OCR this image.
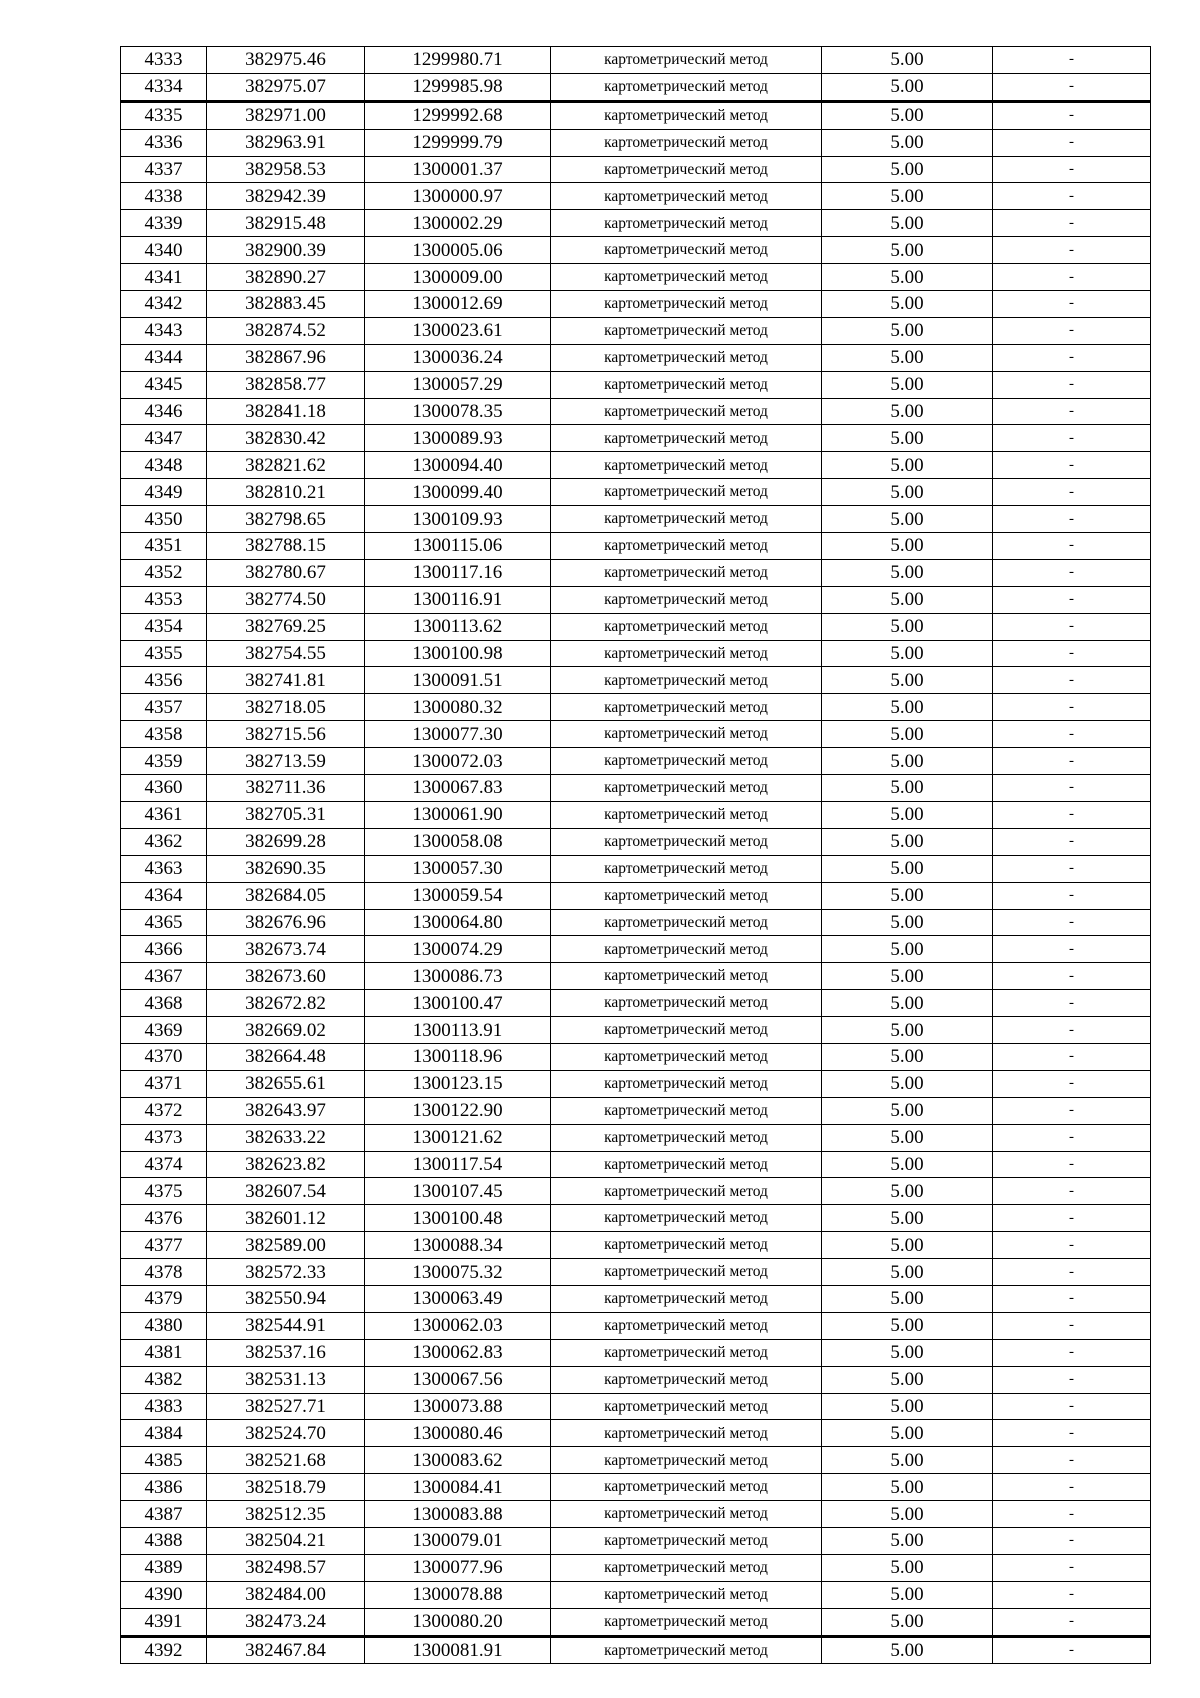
4333	382975.46	1299980.71	картометрический метод	5.00	-
4334	382975.07	1299985.98	картометрический метод	5.00	-
4335	382971.00	1299992.68	картометрический метод	5.00	-
4336	382963.91	1299999.79	картометрический метод	5.00	-
4337	382958.53	1300001.37	картометрический метод	5.00	-
4338	382942.39	1300000.97	картометрический метод	5.00	-
4339	382915.48	1300002.29	картометрический метод	5.00	-
4340	382900.39	1300005.06	картометрический метод	5.00	-
4341	382890.27	1300009.00	картометрический метод	5.00	-
4342	382883.45	1300012.69	картометрический метод	5.00	-
4343	382874.52	1300023.61	картометрический метод	5.00	-
4344	382867.96	1300036.24	картометрический метод	5.00	-
4345	382858.77	1300057.29	картометрический метод	5.00	-
4346	382841.18	1300078.35	картометрический метод	5.00	-
4347	382830.42	1300089.93	картометрический метод	5.00	-
4348	382821.62	1300094.40	картометрический метод	5.00	-
4349	382810.21	1300099.40	картометрический метод	5.00	-
4350	382798.65	1300109.93	картометрический метод	5.00	-
4351	382788.15	1300115.06	картометрический метод	5.00	-
4352	382780.67	1300117.16	картометрический метод	5.00	-
4353	382774.50	1300116.91	картометрический метод	5.00	-
4354	382769.25	1300113.62	картометрический метод	5.00	-
4355	382754.55	1300100.98	картометрический метод	5.00	-
4356	382741.81	1300091.51	картометрический метод	5.00	-
4357	382718.05	1300080.32	картометрический метод	5.00	-
4358	382715.56	1300077.30	картометрический метод	5.00	-
4359	382713.59	1300072.03	картометрический метод	5.00	-
4360	382711.36	1300067.83	картометрический метод	5.00	-
4361	382705.31	1300061.90	картометрический метод	5.00	-
4362	382699.28	1300058.08	картометрический метод	5.00	-
4363	382690.35	1300057.30	картометрический метод	5.00	-
4364	382684.05	1300059.54	картометрический метод	5.00	-
4365	382676.96	1300064.80	картометрический метод	5.00	-
4366	382673.74	1300074.29	картометрический метод	5.00	-
4367	382673.60	1300086.73	картометрический метод	5.00	-
4368	382672.82	1300100.47	картометрический метод	5.00	-
4369	382669.02	1300113.91	картометрический метод	5.00	-
4370	382664.48	1300118.96	картометрический метод	5.00	-
4371	382655.61	1300123.15	картометрический метод	5.00	-
4372	382643.97	1300122.90	картометрический метод	5.00	-
4373	382633.22	1300121.62	картометрический метод	5.00	-
4374	382623.82	1300117.54	картометрический метод	5.00	-
4375	382607.54	1300107.45	картометрический метод	5.00	-
4376	382601.12	1300100.48	картометрический метод	5.00	-
4377	382589.00	1300088.34	картометрический метод	5.00	-
4378	382572.33	1300075.32	картометрический метод	5.00	-
4379	382550.94	1300063.49	картометрический метод	5.00	-
4380	382544.91	1300062.03	картометрический метод	5.00	-
4381	382537.16	1300062.83	картометрический метод	5.00	-
4382	382531.13	1300067.56	картометрический метод	5.00	-
4383	382527.71	1300073.88	картометрический метод	5.00	-
4384	382524.70	1300080.46	картометрический метод	5.00	-
4385	382521.68	1300083.62	картометрический метод	5.00	-
4386	382518.79	1300084.41	картометрический метод	5.00	-
4387	382512.35	1300083.88	картометрический метод	5.00	-
4388	382504.21	1300079.01	картометрический метод	5.00	-
4389	382498.57	1300077.96	картометрический метод	5.00	-
4390	382484.00	1300078.88	картометрический метод	5.00	-
4391	382473.24	1300080.20	картометрический метод	5.00	-
4392	382467.84	1300081.91	картометрический метод	5.00	-
